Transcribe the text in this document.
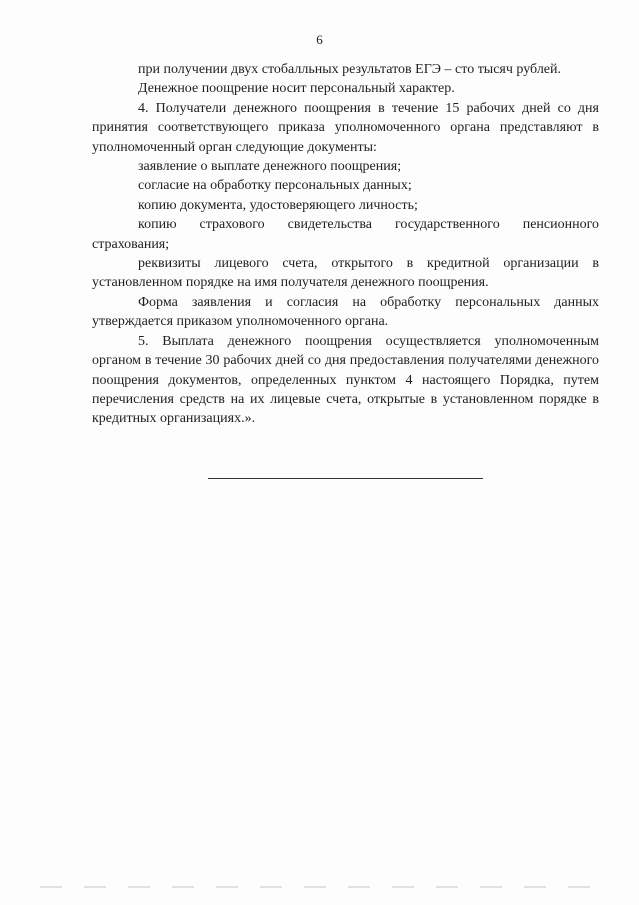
6

при получении двух стобалльных результатов ЕГЭ – сто тысяч рублей.

Денежное поощрение носит персональный характер.

4. Получатели денежного поощрения в течение 15 рабочих дней со дня принятия соответствующего приказа уполномоченного органа представляют в уполномоченный орган следующие документы:

заявление о выплате денежного поощрения;

согласие на обработку персональных данных;

копию документа, удостоверяющего личность;

копию страхового свидетельства государственного пенсионного страхования;

реквизиты лицевого счета, открытого в кредитной организации в установленном порядке на имя получателя денежного поощрения.

Форма заявления и согласия на обработку персональных данных утверждается приказом уполномоченного органа.

5. Выплата денежного поощрения осуществляется уполномоченным органом в течение 30 рабочих дней со дня предоставления получателями денежного поощрения документов, определенных пунктом 4 настоящего Порядка, путем перечисления средств на их лицевые счета, открытые в установленном порядке в кредитных организациях.».
